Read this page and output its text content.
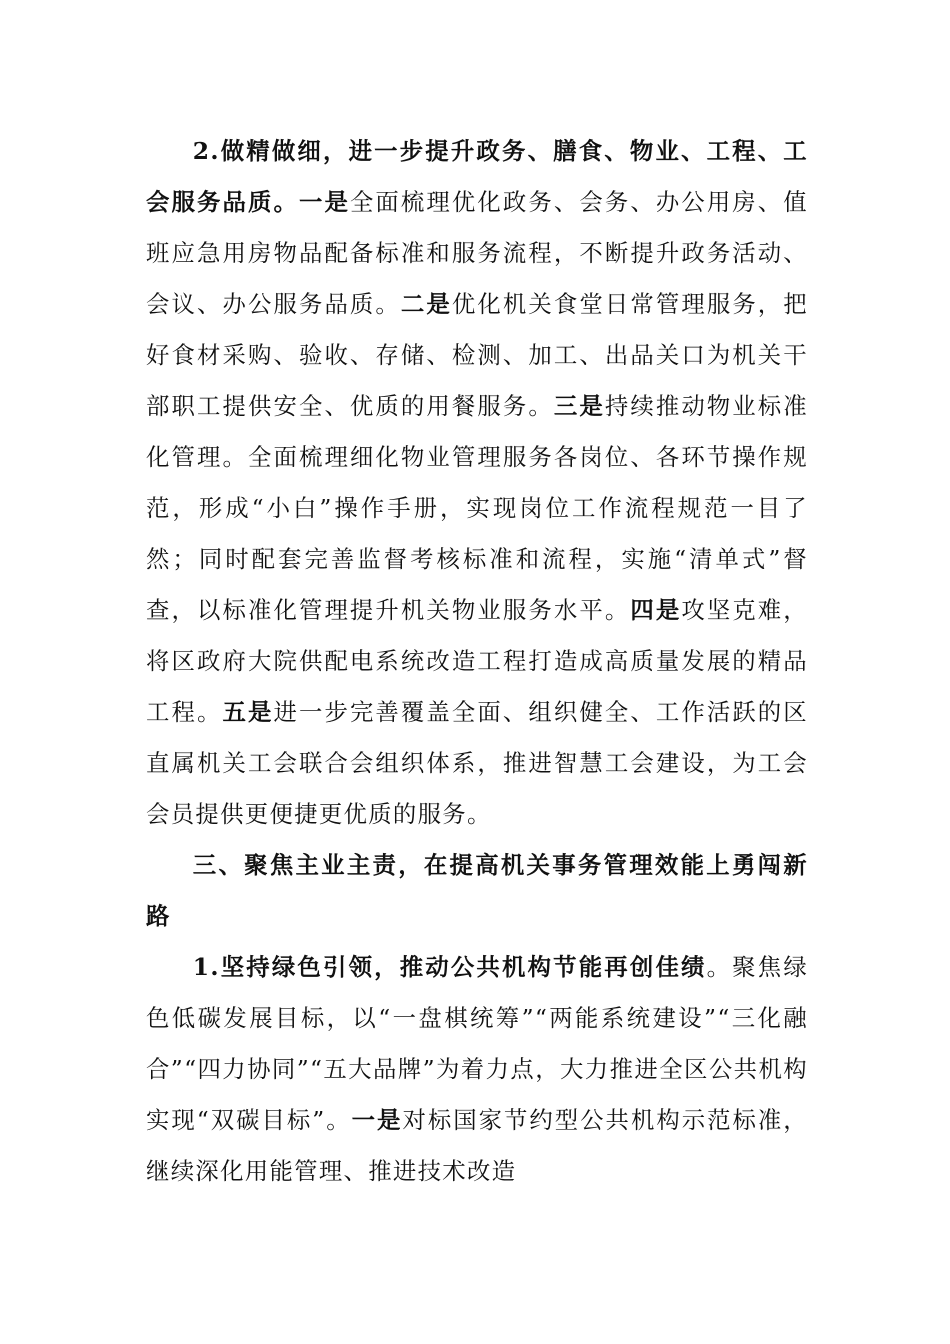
2.做精做细，进一步提升政务、膳食、物业、工程、工会服务品质。一是全面梳理优化政务、会务、办公用房、值班应急用房物品配备标准和服务流程，不断提升政务活动、会议、办公服务品质。二是优化机关食堂日常管理服务，把好食材采购、验收、存储、检测、加工、出品关口为机关干部职工提供安全、优质的用餐服务。三是持续推动物业标准化管理。全面梳理细化物业管理服务各岗位、各环节操作规范，形成“小白”操作手册，实现岗位工作流程规范一目了然；同时配套完善监督考核标准和流程，实施“清单式”督查，以标准化管理提升机关物业服务水平。四是攻坚克难，将区政府大院供配电系统改造工程打造成高质量发展的精品工程。五是进一步完善覆盖全面、组织健全、工作活跃的区直属机关工会联合会组织体系，推进智慧工会建设，为工会会员提供更便捷更优质的服务。

三、聚焦主业主责，在提高机关事务管理效能上勇闯新路

1.坚持绿色引领，推动公共机构节能再创佳绩。聚焦绿色低碳发展目标，以“一盘棋统筹”“两能系统建设”“三化融合”“四力协同”“五大品牌”为着力点，大力推进全区公共机构实现“双碳目标”。一是对标国家节约型公共机构示范标准，继续深化用能管理、推进技术改造
